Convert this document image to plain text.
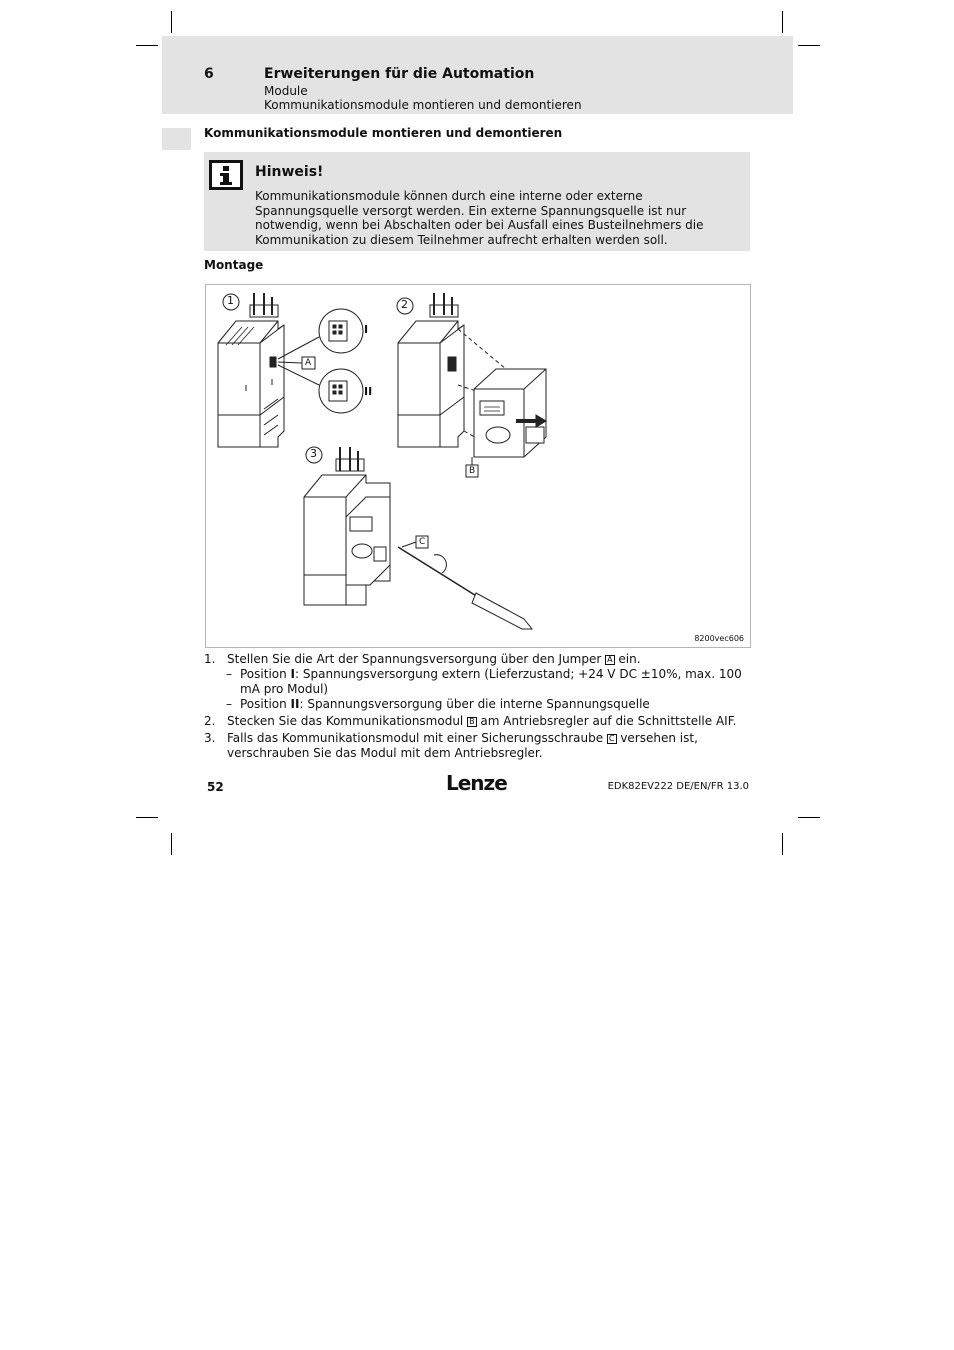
6	Erweiterungen für die Automation
Module
Kommunikationsmodule montieren und demontieren
Kommunikationsmodule montieren und demontieren
Hinweis!
Kommunikationsmodule können durch eine interne oder externe Spannungsquelle versorgt werden. Ein externe Spannungsquelle ist nur notwendig, wenn bei Abschalten oder bei Ausfall eines Busteilnehmers die Kommunikation zu diesem Teilnehmer aufrecht erhalten werden soll.
Montage
1	2
3
A
B
C
I
II
8200vec606
1. Stellen Sie die Art der Spannungsversorgung über den Jumper A ein.
– Position I: Spannungsversorgung extern (Lieferzustand; +24 V DC ±10%, max. 100 mA pro Modul)
– Position II: Spannungsversorgung über die interne Spannungsquelle
2. Stecken Sie das Kommunikationsmodul B am Antriebsregler auf die Schnittstelle AIF.
3. Falls das Kommunikationsmodul mit einer Sicherungsschraube C versehen ist, verschrauben Sie das Modul mit dem Antriebsregler.
52	Lenze	EDK82EV222 DE/EN/FR 13.0
